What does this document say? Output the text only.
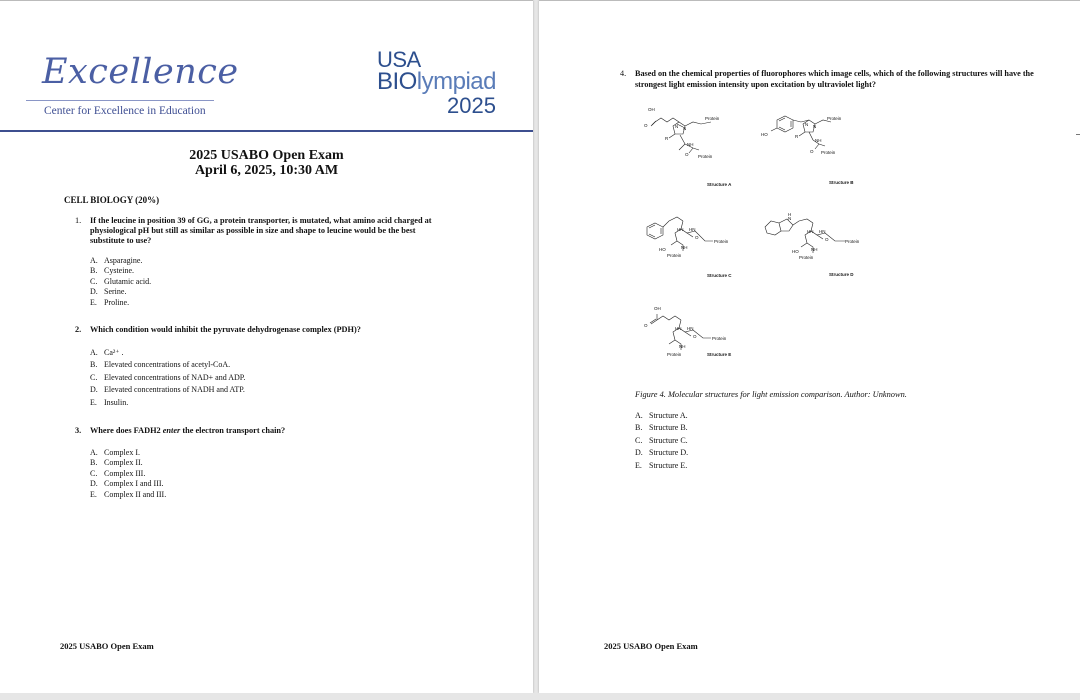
Excellence
Center for Excellence in Education
USA
BIOlympiad
2025
2025 USABO Open Exam
April 6, 2025, 10:30 AM
CELL BIOLOGY (20%)
1.	If the leucine in position 39 of GG, a protein transporter, is mutated, what amino acid charged at physiological pH but still as similar as possible in size and shape to leucine would be the best substitute to use?
A. Asparagine.
B. Cysteine.
C. Glutamic acid.
D. Serine.
E. Proline.
2.	Which condition would inhibit the pyruvate dehydrogenase complex (PDH)?
A. Ca²⁺ .
B. Elevated concentrations of acetyl-CoA.
C. Elevated concentrations of NAD+ and ADP.
D. Elevated concentrations of NADH and ATP.
E. Insulin.
3.	Where does FADH2 enter the electron transport chain?
A. Complex I.
B. Complex II.
C. Complex III.
D. Complex I and III.
E. Complex II and III.
2025 USABO Open Exam
4.	Based on the chemical properties of fluorophores which image cells, which of the following structures will have the strongest light emission intensity upon excitation by ultraviolet light?
OH
O	N N
R
NH
Protein
Protein
O
Structure A
HO
N N
R
NH
Protein
Protein
O
Structure B
HN HN
O
Protein
HO	NH
Protein
Structure C
H
N
HN HN
O	Protein
HO	NH
Protein
Structure D
OH
O
HN HN
O	Protein
NH
Protein	Structure E
Figure 4. Molecular structures for light emission comparison. Author: Unknown.
A. Structure A.
B. Structure B.
C. Structure C.
D. Structure D.
E. Structure E.
2025 USABO Open Exam
